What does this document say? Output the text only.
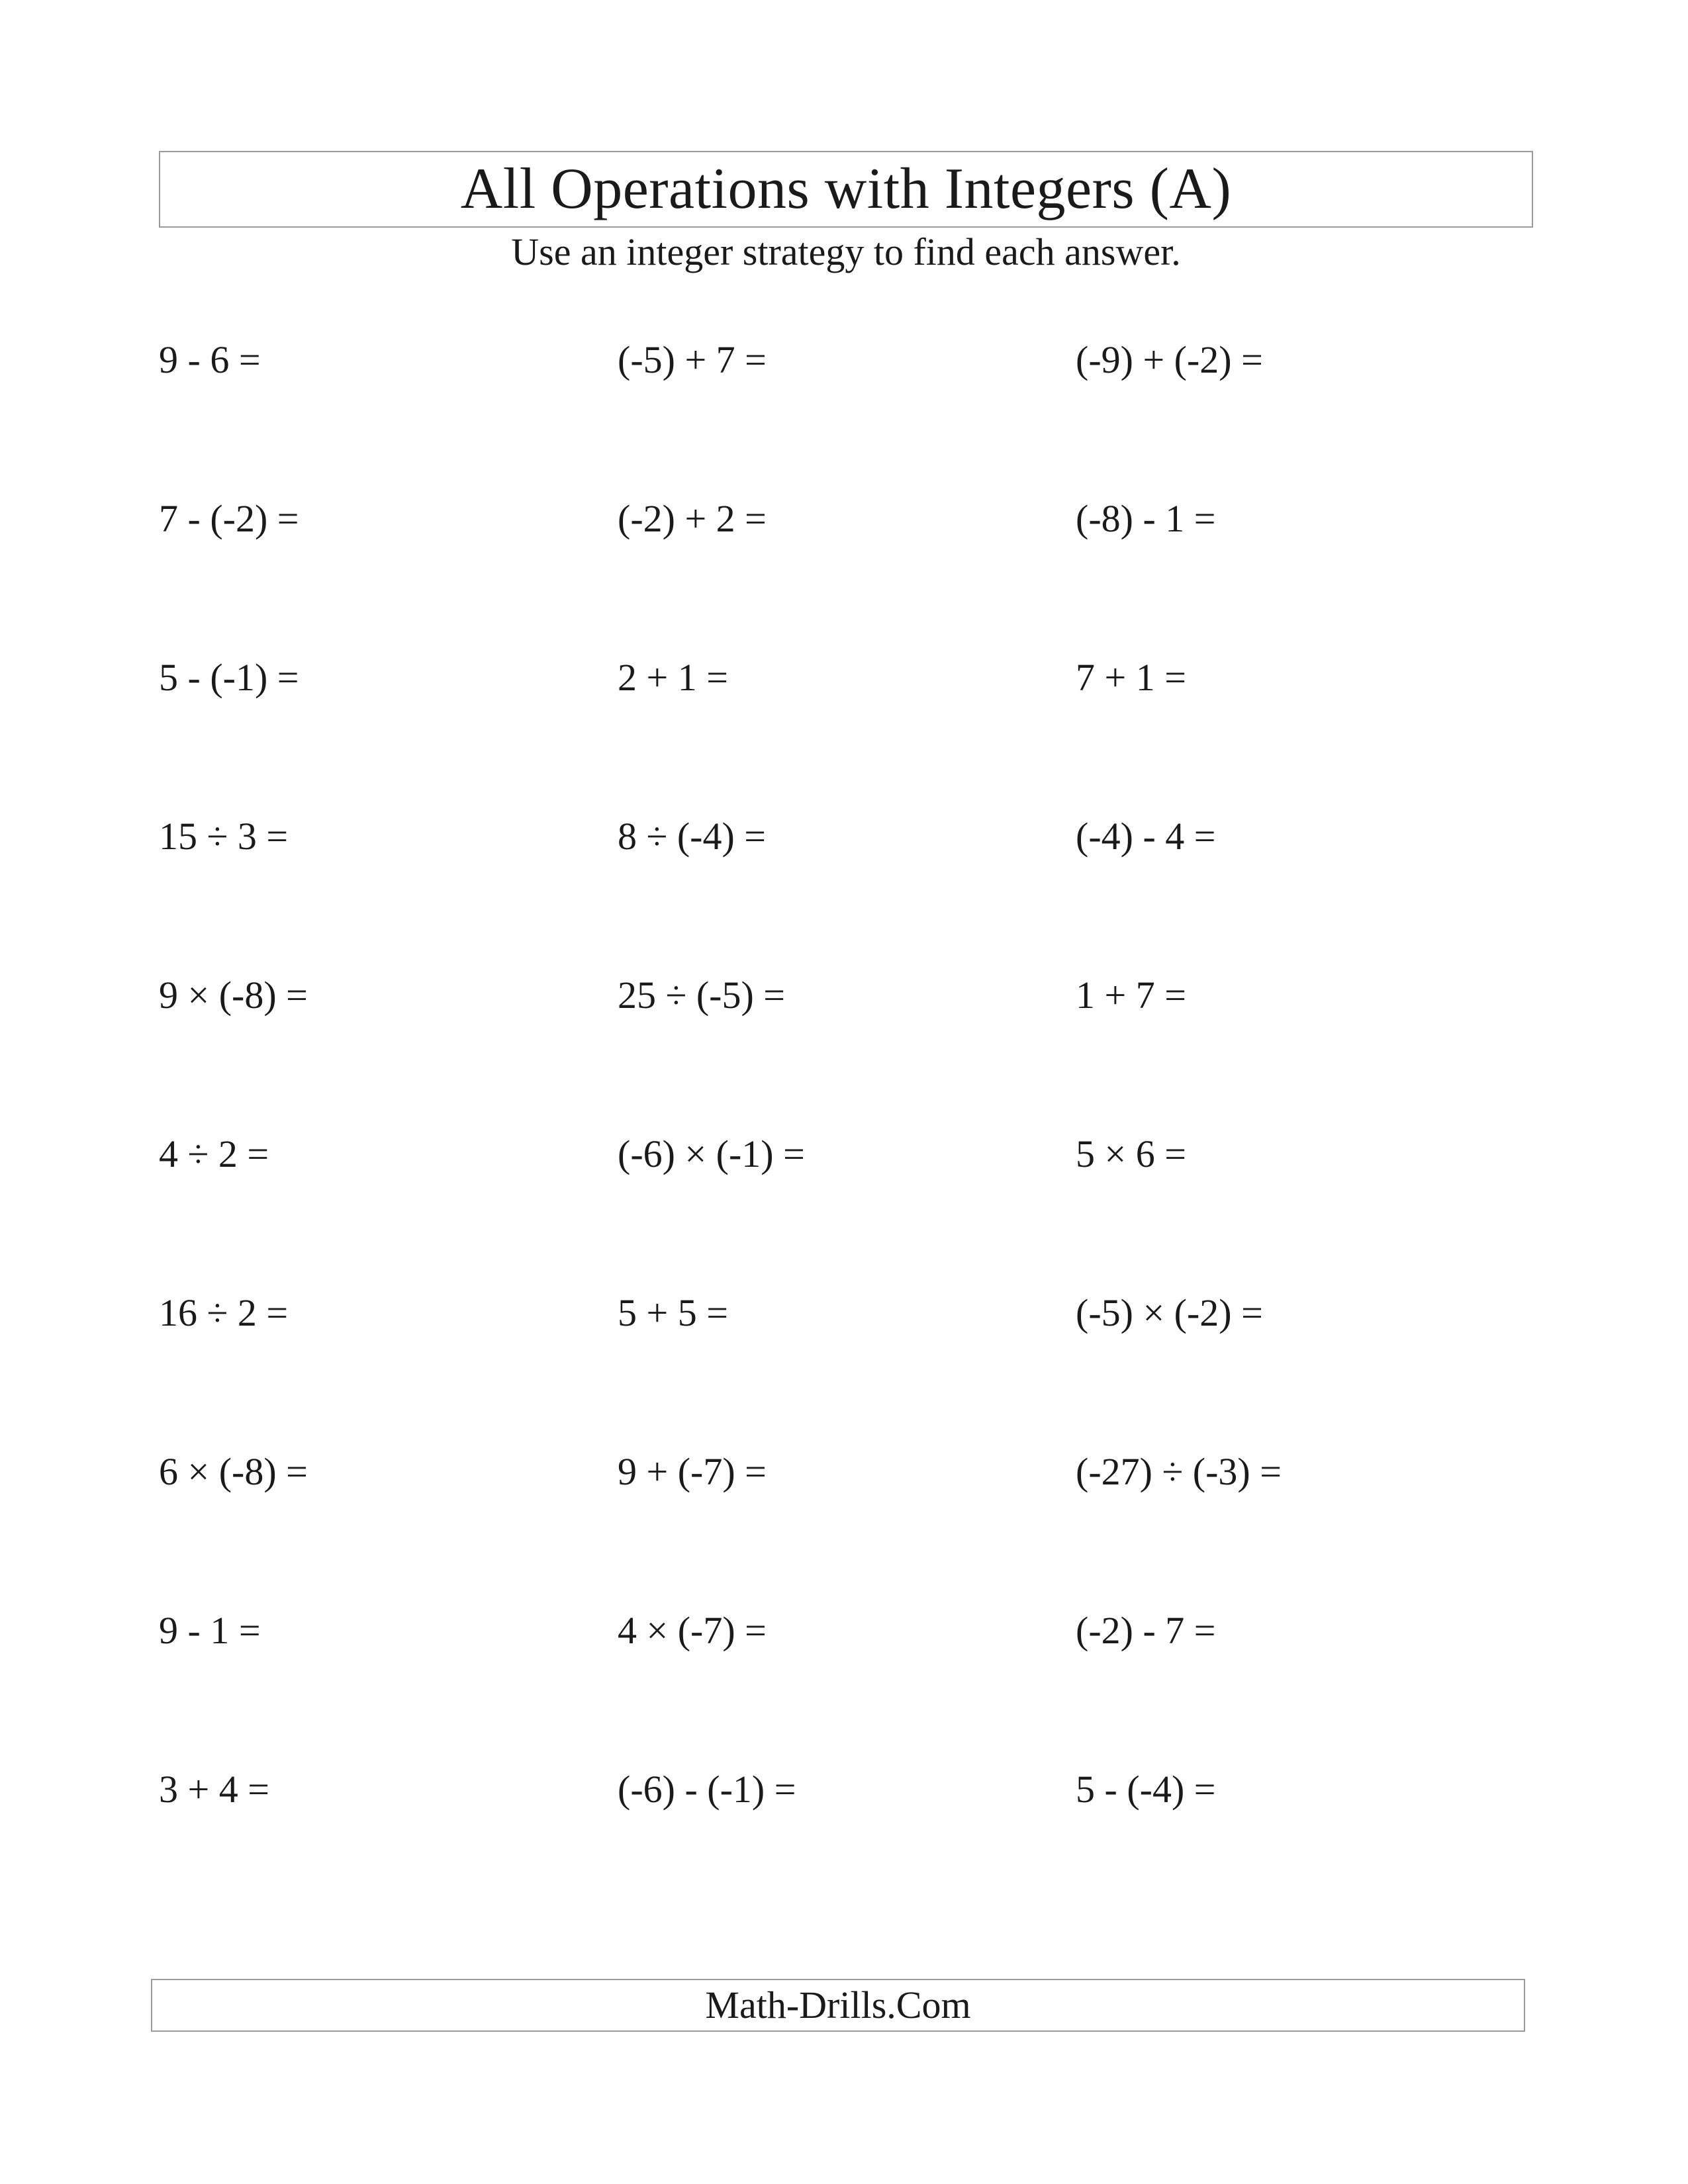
All Operations with Integers (A)
Use an integer strategy to find each answer.
9 - 6 =	(-5) + 7 =	(-9) + (-2) =
7 - (-2) =	(-2) + 2 =	(-8) - 1 =
5 - (-1) =	2 + 1 =	7 + 1 =
15 ÷ 3 =	8 ÷ (-4) =	(-4) - 4 =
9 × (-8) =	25 ÷ (-5) =	1 + 7 =
4 ÷ 2 =	(-6) × (-1) =	5 × 6 =
16 ÷ 2 =	5 + 5 =	(-5) × (-2) =
6 × (-8) =	9 + (-7) =	(-27) ÷ (-3) =
9 - 1 =	4 × (-7) =	(-2) - 7 =
3 + 4 =	(-6) - (-1) =	5 - (-4) =
Math-Drills.Com
